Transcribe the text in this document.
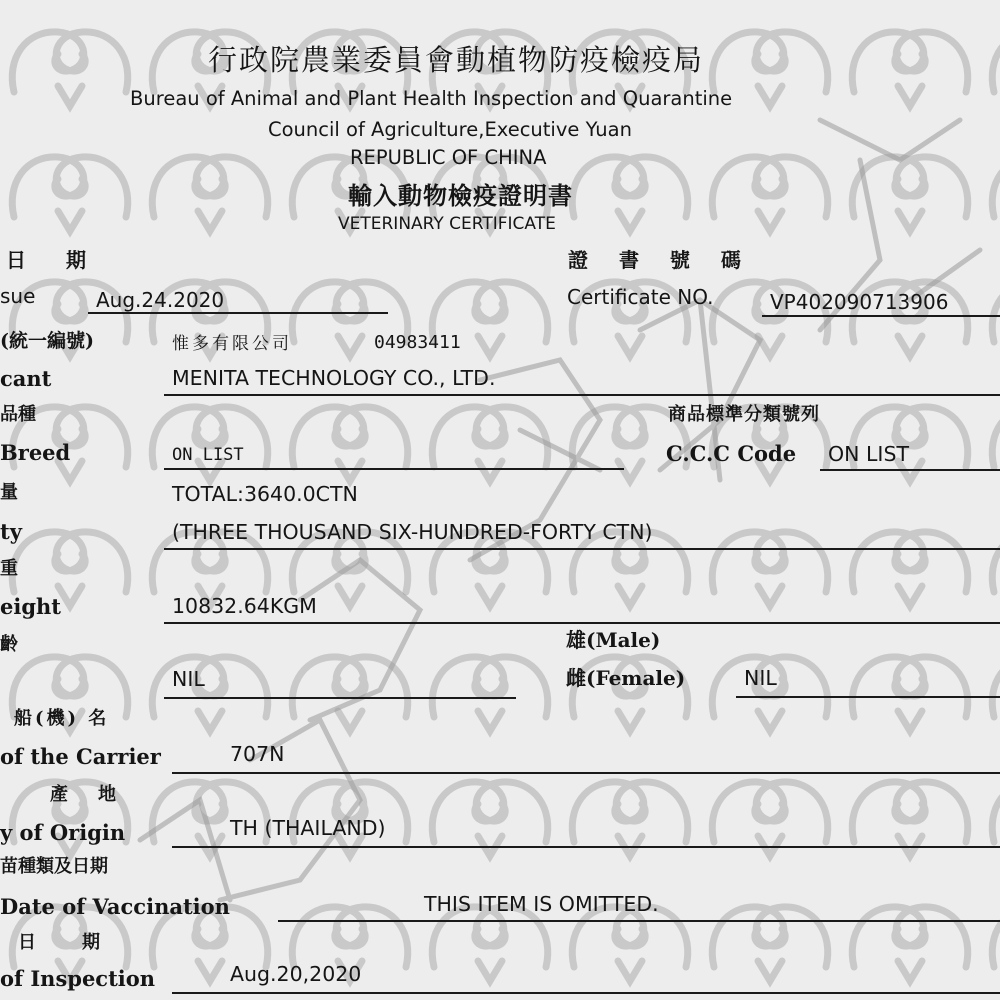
行政院農業委員會動植物防疫檢疫局
Bureau of Animal and Plant Health Inspection and Quarantine
Council of Agriculture,Executive Yuan
REPUBLIC OF CHINA
輸入動物檢疫證明書
VETERINARY CERTIFICATE
日　期
sue	Aug.24.2020
證 書 號 碼
Certificate NO.	VP402090713906
(統一編號)	惟多有限公司	04983411
cant	MENITA TECHNOLOGY CO., LTD.
品種
Breed	ON LIST
商品標準分類號列
C.C.C Code ON LIST
量	TOTAL:3640.0CTN
ty	(THREE THOUSAND SIX-HUNDRED-FORTY CTN)
重
eight	10832.64KGM
齡
NIL
雄(Male)
雌(Female)	NIL
船(機) 名
of the Carrier	707N
產　地
y of Origin	TH (THAILAND)
苗種類及日期
Date of Vaccination	THIS ITEM IS OMITTED.
日　期
of Inspection	Aug.20,2020
